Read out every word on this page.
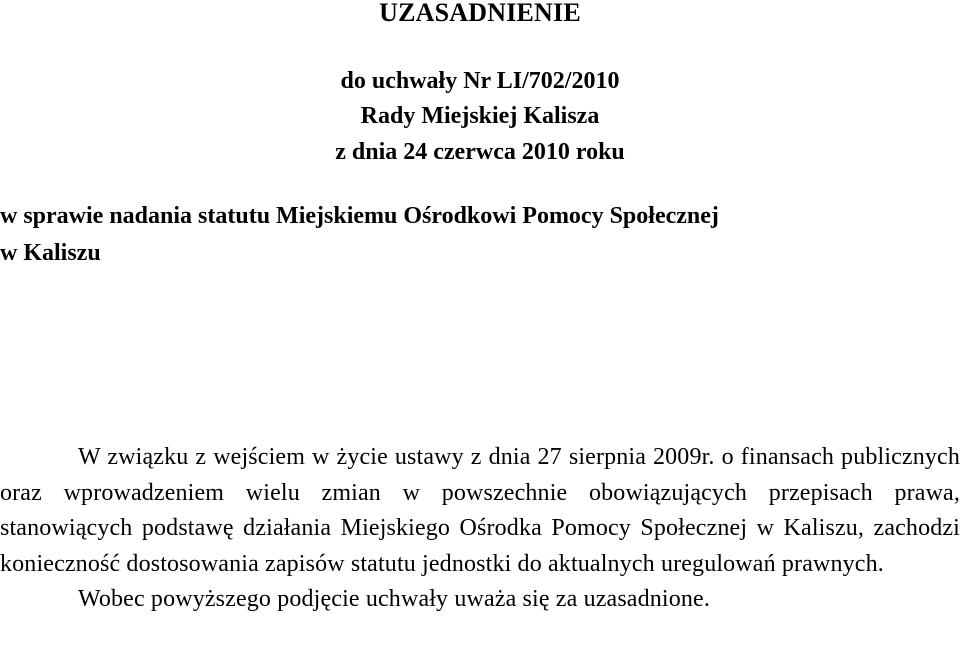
UZASADNIENIE
do uchwały Nr LI/702/2010
Rady Miejskiej Kalisza
z dnia 24 czerwca 2010 roku
w sprawie nadania statutu Miejskiemu Ośrodkowi Pomocy Społecznej
w Kaliszu

W związku z wejściem w życie ustawy z dnia 27 sierpnia 2009r. o finansach publicznych oraz wprowadzeniem wielu zmian w powszechnie obowiązujących przepisach prawa, stanowiących podstawę działania Miejskiego Ośrodka Pomocy Społecznej w Kaliszu, zachodzi konieczność dostosowania zapisów statutu jednostki do aktualnych uregulowań prawnych.

Wobec powyższego podjęcie uchwały uważa się za uzasadnione.
